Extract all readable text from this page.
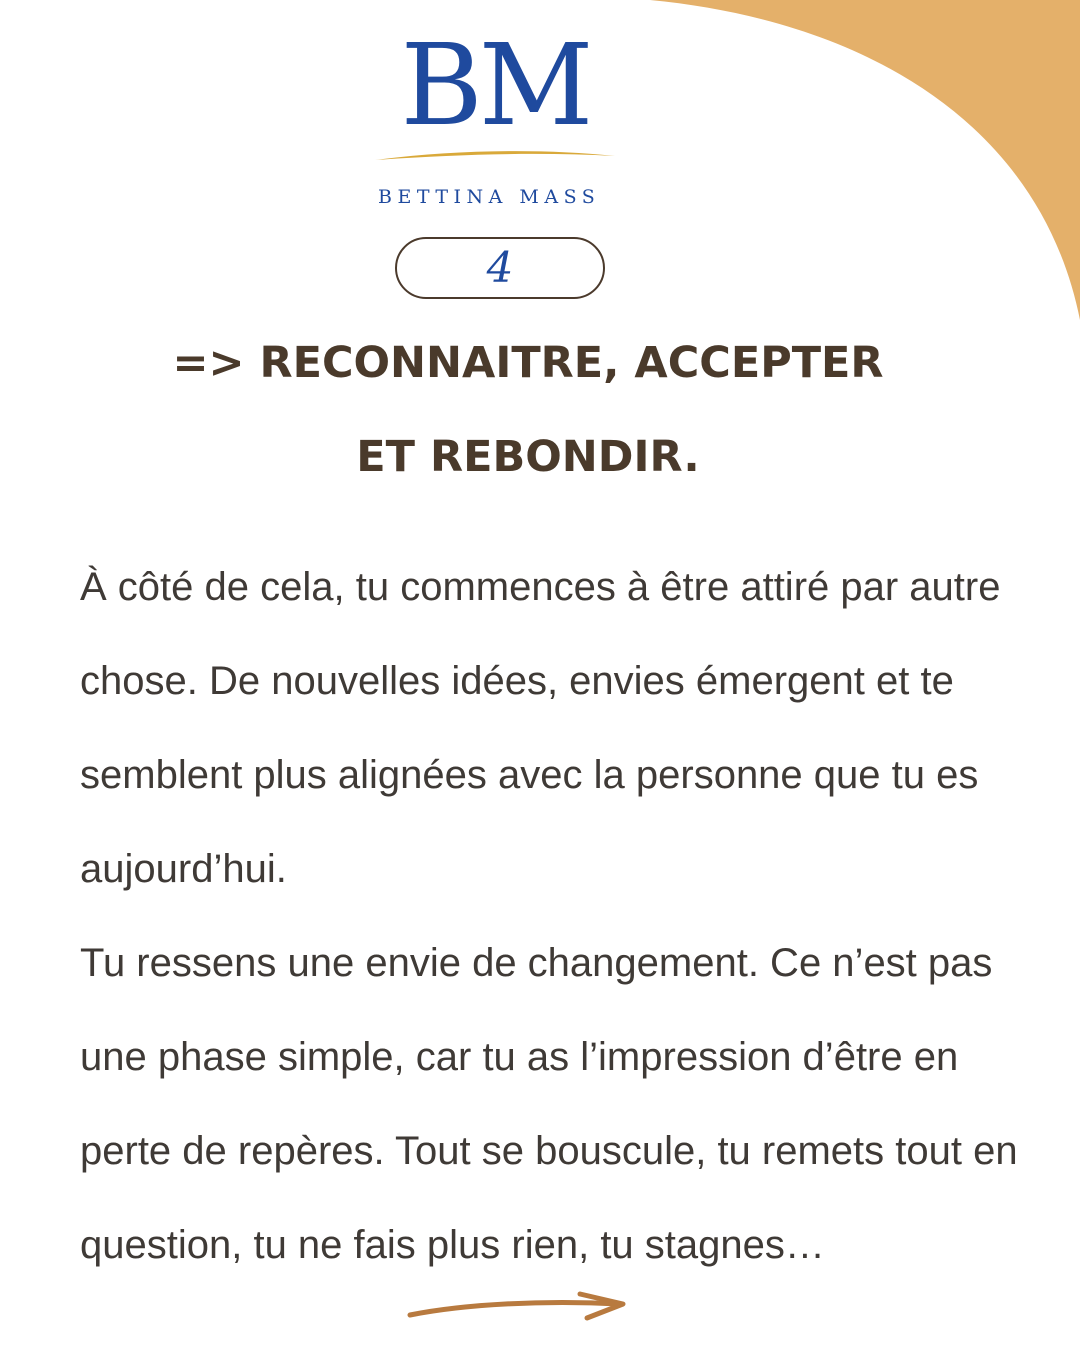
BM
BETTINA MASS
4
=> RECONNAITRE, ACCEPTER
ET REBONDIR.

À côté de cela, tu commences à être attiré par autre chose. De nouvelles idées, envies émergent et te semblent plus alignées avec la personne que tu es aujourd’hui.

Tu ressens une envie de changement. Ce n’est pas une phase simple, car tu as l’impression d’être en perte de repères. Tout se bouscule, tu remets tout en question, tu ne fais plus rien, tu stagnes…
